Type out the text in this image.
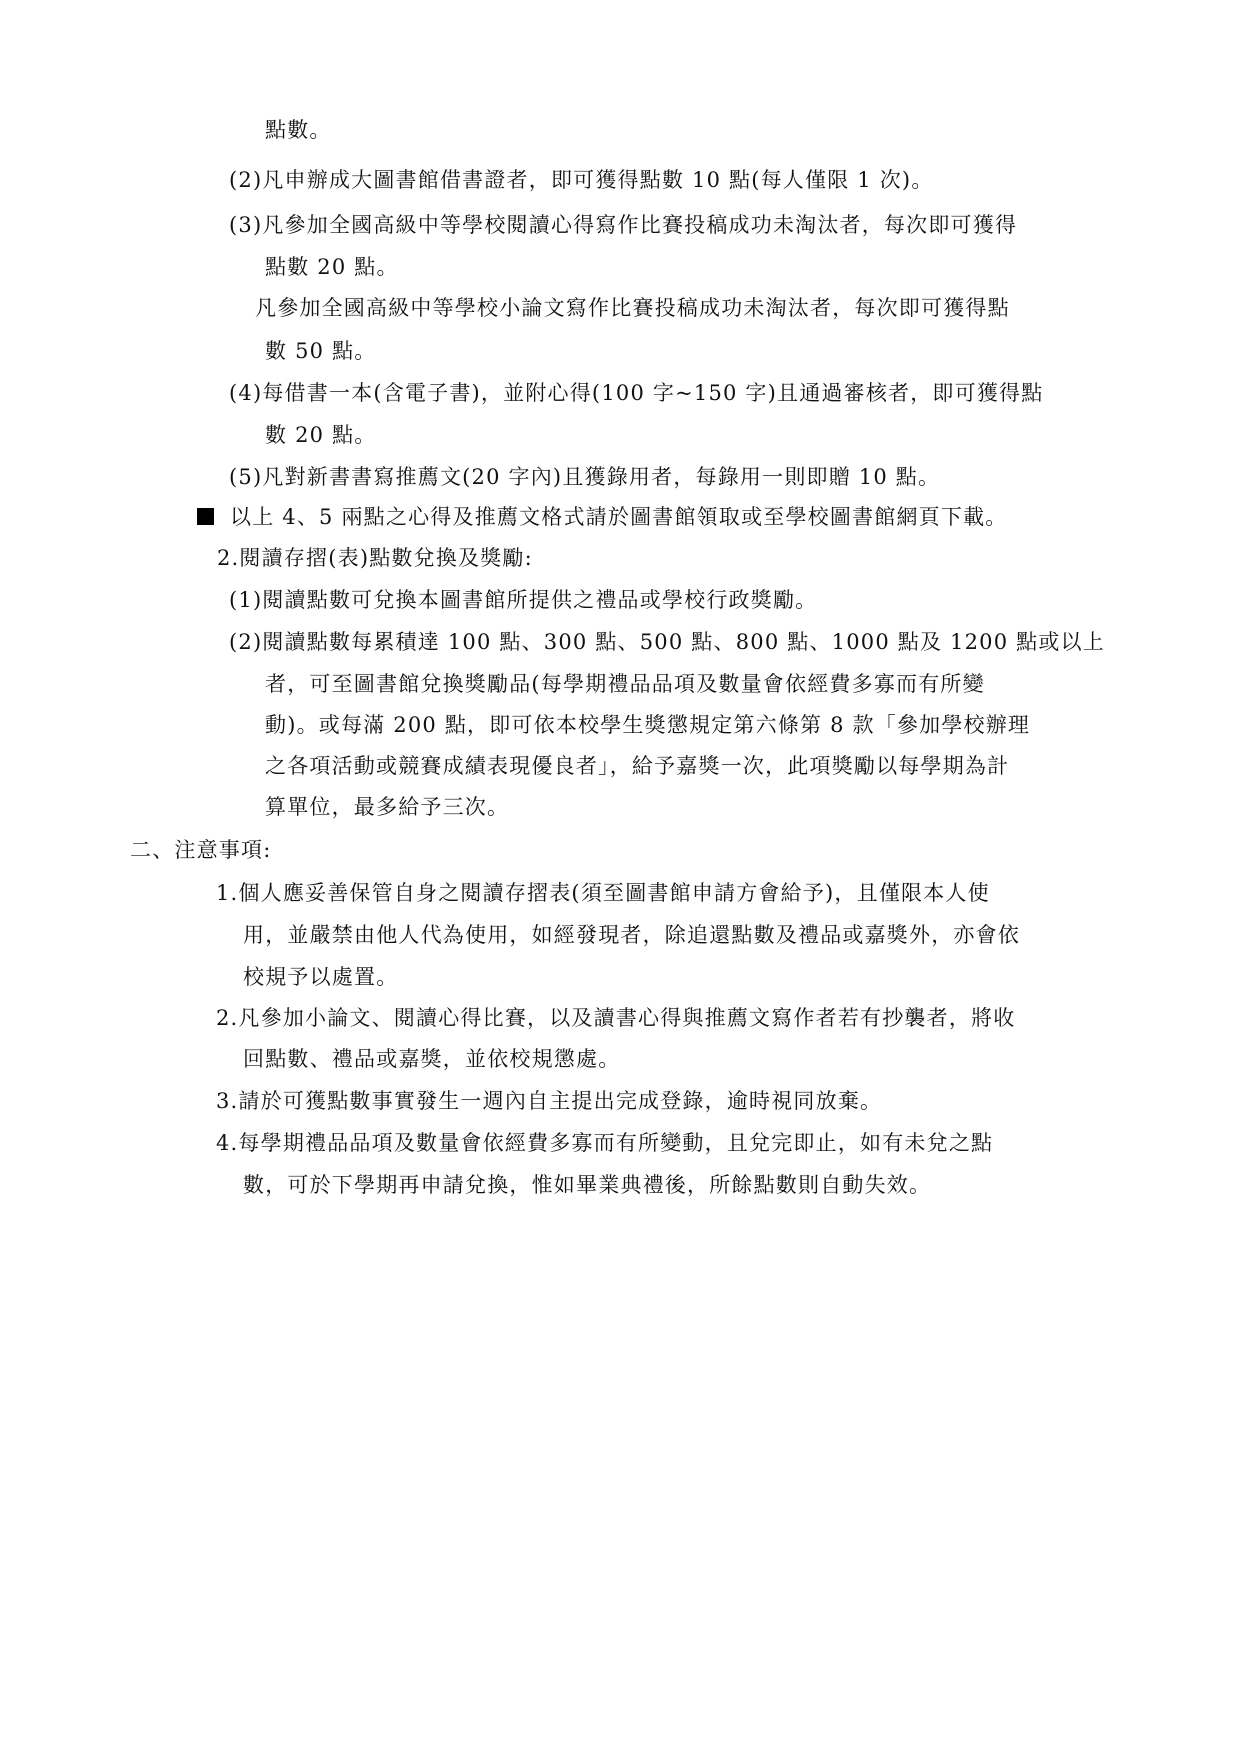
點數。
(2)凡申辦成大圖書館借書證者，即可獲得點數 10 點(每人僅限 1 次)。
(3)凡參加全國高級中等學校閱讀心得寫作比賽投稿成功未淘汰者，每次即可獲得
點數 20 點。
凡參加全國高級中等學校小論文寫作比賽投稿成功未淘汰者，每次即可獲得點
數 50 點。
(4)每借書一本(含電子書)，並附心得(100 字~150 字)且通過審核者，即可獲得點
數 20 點。
(5)凡對新書書寫推薦文(20 字內)且獲錄用者，每錄用一則即贈 10 點。
以上 4、5 兩點之心得及推薦文格式請於圖書館領取或至學校圖書館網頁下載。
2.閱讀存摺(表)點數兌換及獎勵:
(1)閱讀點數可兌換本圖書館所提供之禮品或學校行政獎勵。
(2)閱讀點數每累積達 100 點、300 點、500 點、800 點、1000 點及 1200 點或以上
者，可至圖書館兌換獎勵品(每學期禮品品項及數量會依經費多寡而有所變
動)。或每滿 200 點，即可依本校學生獎懲規定第六條第 8 款「參加學校辦理
之各項活動或競賽成績表現優良者」，給予嘉獎一次，此項獎勵以每學期為計
算單位，最多給予三次。
二、注意事項:
1.個人應妥善保管自身之閱讀存摺表(須至圖書館申請方會給予)，且僅限本人使
用，並嚴禁由他人代為使用，如經發現者，除追還點數及禮品或嘉獎外，亦會依
校規予以處置。
2.凡參加小論文、閱讀心得比賽，以及讀書心得與推薦文寫作者若有抄襲者，將收
回點數、禮品或嘉獎，並依校規懲處。
3.請於可獲點數事實發生一週內自主提出完成登錄，逾時視同放棄。
4.每學期禮品品項及數量會依經費多寡而有所變動，且兌完即止，如有未兌之點
數，可於下學期再申請兌換，惟如畢業典禮後，所餘點數則自動失效。
